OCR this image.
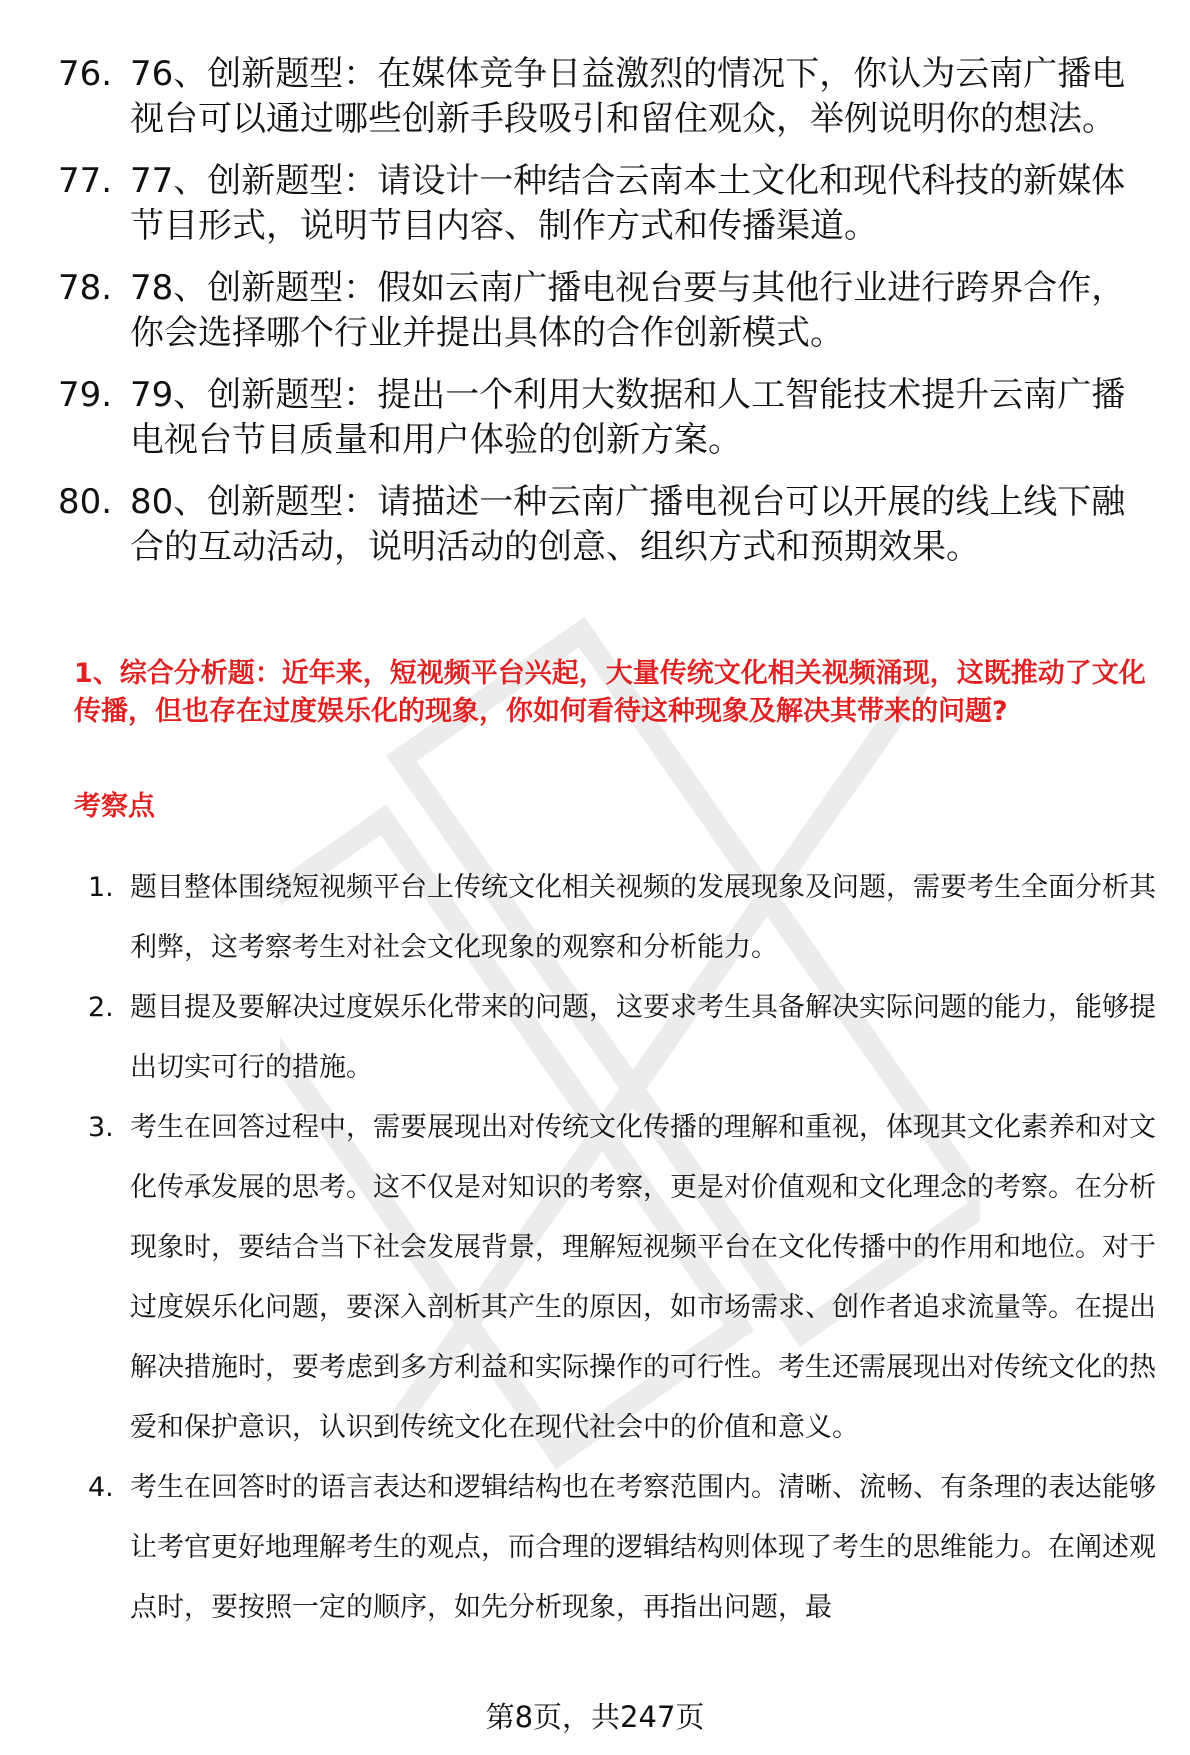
76. 76、创新题型：在媒体竞争日益激烈的情况下，你认为云南广播电视台可以通过哪些创新手段吸引和留住观众，举例说明你的想法。
77. 77、创新题型：请设计一种结合云南本土文化和现代科技的新媒体节目形式，说明节目内容、制作方式和传播渠道。
78. 78、创新题型：假如云南广播电视台要与其他行业进行跨界合作，你会选择哪个行业并提出具体的合作创新模式。
79. 79、创新题型：提出一个利用大数据和人工智能技术提升云南广播电视台节目质量和用户体验的创新方案。
80. 80、创新题型：请描述一种云南广播电视台可以开展的线上线下融合的互动活动，说明活动的创意、组织方式和预期效果。

1、综合分析题：近年来，短视频平台兴起，大量传统文化相关视频涌现，这既推动了文化传播，但也存在过度娱乐化的现象，你如何看待这种现象及解决其带来的问题?

考察点

1. 题目整体围绕短视频平台上传统文化相关视频的发展现象及问题，需要考生全面分析其利弊，这考察考生对社会文化现象的观察和分析能力。
2. 题目提及要解决过度娱乐化带来的问题，这要求考生具备解决实际问题的能力，能够提出切实可行的措施。
3. 考生在回答过程中，需要展现出对传统文化传播的理解和重视，体现其文化素养和对文化传承发展的思考。这不仅是对知识的考察，更是对价值观和文化理念的考察。在分析现象时，要结合当下社会发展背景，理解短视频平台在文化传播中的作用和地位。对于过度娱乐化问题，要深入剖析其产生的原因，如市场需求、创作者追求流量等。在提出解决措施时，要考虑到多方利益和实际操作的可行性。考生还需展现出对传统文化的热爱和保护意识，认识到传统文化在现代社会中的价值和意义。
4. 考生在回答时的语言表达和逻辑结构也在考察范围内。清晰、流畅、有条理的表达能够让考官更好地理解考生的观点，而合理的逻辑结构则体现了考生的思维能力。在阐述观点时，要按照一定的顺序，如先分析现象，再指出问题，最
第8页，共247页
